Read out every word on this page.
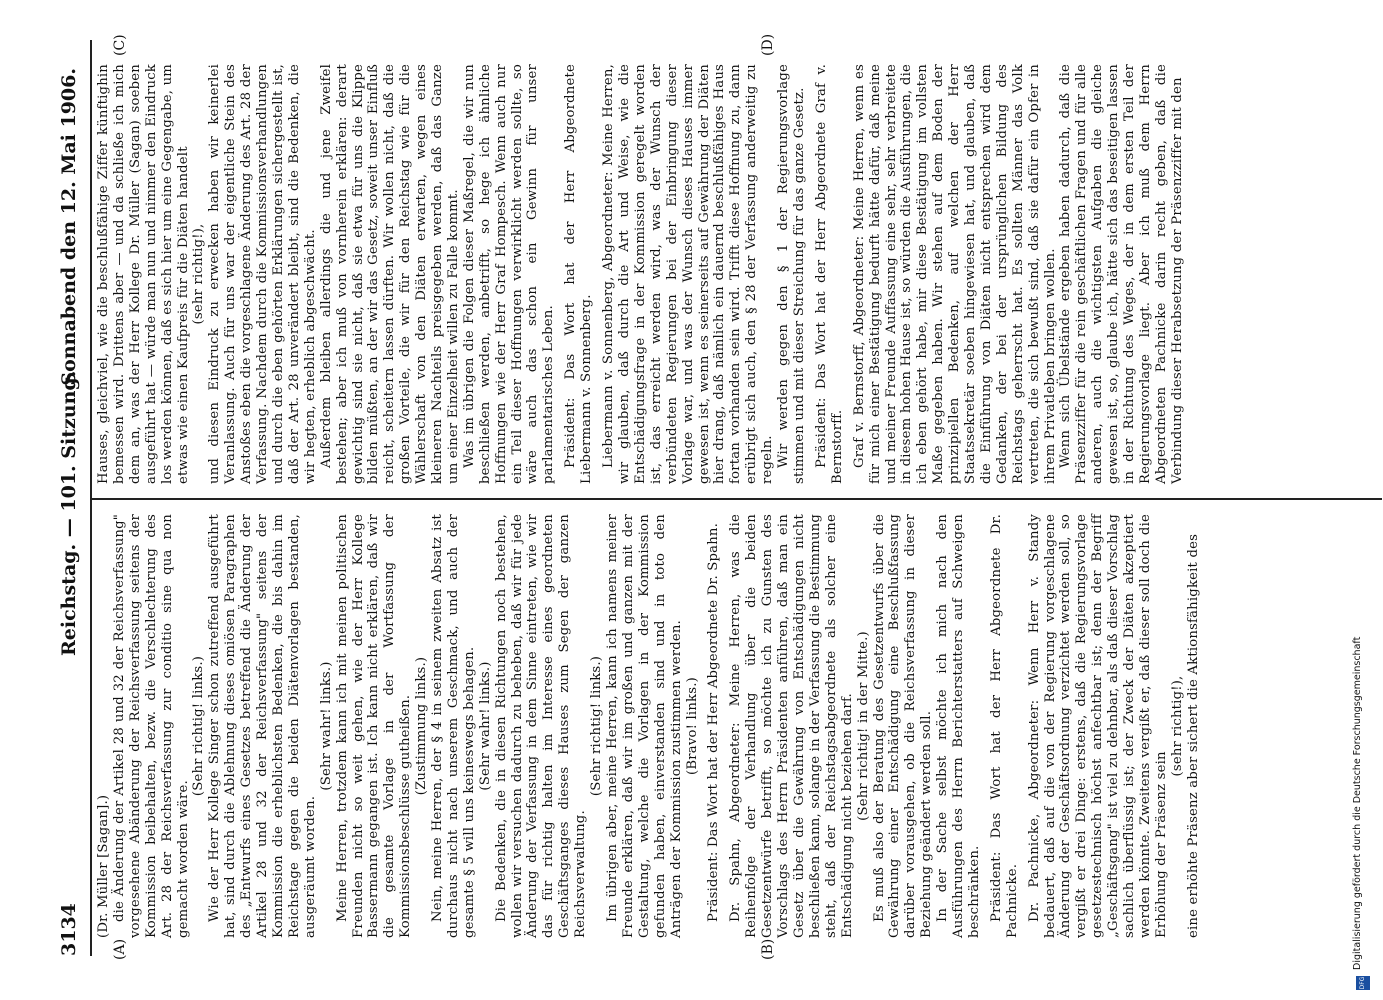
3134
Reichstag. — 101. Sitzung.
Sonnabend den 12. Mai 1906.
(A)	(B)
(C)	(D)

(Dr. Müller [Sagan].) die Änderung der Artikel 28 und 32 der Reichsverfassung" vorgesehene Abänderung der Reichsverfassung seitens der Kommission beibehalten, bezw. die Verschlechterung des Art. 28 der Reichsverfassung zur conditio sine qua non gemacht worden wäre.

(Sehr richtig! links.) Wie der Herr Kollege Singer schon zutreffend ausgeführt hat, sind durch die Ablehnung dieses omiösen Paragraphen des „Entwurfs eines Gesetzes betreffend die Änderung der Artikel 28 und 32 der Reichsverfassung" seitens der Kommission die erheblichsten Bedenken, die bis dahin im Reichstage gegen die beiden Diätenvorlagen bestanden, ausgeräumt worden.

(Sehr wahr! links.) Meine Herren, trotzdem kann ich mit meinen politischen Freunden nicht so weit gehen, wie der Herr Kollege Bassermann gegangen ist. Ich kann nicht erklären, daß wir die gesamte Vorlage in der Wortfassung der Kommissionsbeschlüsse gutheißen. (Zustimmung links.) Nein, meine Herren, der § 4 in seinem zweiten Absatz ist durchaus nicht nach unserem Geschmack, und auch der gesamte § 5 will uns keineswegs behagen. (Sehr wahr! links.) Die Bedenken, die in diesen Richtungen noch bestehen, wollen wir versuchen dadurch zu beheben, daß wir für jede Änderung der Verfassung in dem Sinne eintreten, wie wir das für richtig halten im Interesse eines geordneten Geschäftsganges dieses Hauses zum Segen der ganzen Reichsverwaltung.

(Sehr richtig! links.) Im übrigen aber, meine Herren, kann ich namens meiner Freunde erklären, daß wir im großen und ganzen mit der Gestaltung, welche die Vorlagen in der Kommission gefunden haben, einverstanden sind und in toto den Anträgen der Kommission zustimmen werden. (Bravo! links.) Präsident: Das Wort hat der Herr Abgeordnete Dr. Spahn. Dr. Spahn, Abgeordneter: Meine Herren, was die Reihenfolge der Verhandlung über die beiden Gesetzentwürfe betrifft, so möchte ich zu Gunsten des Vorschlags des Herrn Präsidenten anführen, daß man ein Gesetz über die Gewährung von Entschädigungen nicht beschließen kann, solange in der Verfassung die Bestimmung steht, daß der Reichstagsabgeordnete als solcher eine Entschädigung nicht beziehen darf. (Sehr richtig! in der Mitte.) Es muß also der Beratung des Gesetzentwurfs über die Gewährung einer Entschädigung eine Beschlußfassung darüber vorausgehen, ob die Reichsverfassung in dieser Beziehung geändert werden soll. In der Sache selbst möchte ich mich nach den Ausführungen des Herrn Berichterstatters auf Schweigen beschränken. Präsident: Das Wort hat der Herr Abgeordnete Dr. Pachnicke. Dr. Pachnicke, Abgeordneter: Wenn Herr v. Standy bedauert, daß auf die von der Regierung vorgeschlagene Änderung der Geschäftsordnung verzichtet werden soll, so vergißt er drei Dinge: erstens, daß die Regierungsvorlage gesetzestechnisch höchst anfechtbar ist; denn der Begriff „Geschäftsgang" ist viel zu dehnbar, als daß dieser Vorschlag sachlich überflüssig ist; der Zweck der Diäten akzeptiert werden könnte. Zweitens vergißt er, daß dieser soll doch die Erhöhung der Präsenz sein

(sehr richtig!), eine erhöhte Präsenz aber sichert die Aktionsfähigkeit des

Hauses, gleichviel, wie die beschlußfähige Ziffer künftighin bemessen wird. Drittens aber — und da schließe ich mich dem an, was der Herr Kollege Dr. Müller (Sagan) soeben ausgeführt hat — würde man nun und nimmer den Eindruck los werden können, daß es sich hier um eine Gegengabe, um etwas wie einen Kaufpreis für die Diäten handelt (sehr richtig!), und diesen Eindruck zu erwecken haben wir keinerlei Veranlassung. Auch für uns war der eigentliche Stein des Anstoßes eben die vorgeschlagene Änderung des Art. 28 der Verfassung. Nachdem durch die Kommissionsverhandlungen und durch die eben gehörten Erklärungen sichergestellt ist, daß der Art. 28 unverändert bleibt, sind die Bedenken, die wir hegten, erheblich abgeschwächt. Außerdem bleiben allerdings die und jene Zweifel bestehen; aber ich muß von vornherein erklären: derart gewichtig sind sie nicht, daß sie etwa für uns die Klippe bilden müßten, an der wir das Gesetz, soweit unser Einfluß reicht, scheitern lassen dürften. Wir wollen nicht, daß die großen Vorteile, die wir für den Reichstag wie für die Wählerschaft von den Diäten erwarten, wegen eines kleineren Nachteils preisgegeben werden, daß das Ganze um einer Einzelheit willen zu Falle kommt. Was im übrigen die Folgen dieser Maßregel, die wir nun beschließen werden, anbetrifft, so hege ich ähnliche Hoffnungen wie der Herr Graf Hompesch. Wenn auch nur ein Teil dieser Hoffnungen verwirklicht werden sollte, so wäre auch das schon ein Gewinn für unser parlamentarisches Leben. Präsident: Das Wort hat der Herr Abgeordnete Liebermann v. Sonnenberg. Liebermann v. Sonnenberg, Abgeordneter: Meine Herren, wir glauben, daß durch die Art und Weise, wie die Entschädigungsfrage in der Kommission geregelt worden ist, das erreicht werden wird, was der Wunsch der verbündeten Regierungen bei der Einbringung dieser Vorlage war, und was der Wunsch dieses Hauses immer gewesen ist, wenn es seinerseits auf Gewährung der Diäten hier drang, daß nämlich ein dauernd beschlußfähiges Haus fortan vorhanden sein wird. Trifft diese Hoffnung zu, dann erübrigt sich auch, den § 28 der Verfassung anderweitig zu regeln. Wir werden gegen den § 1 der Regierungsvorlage stimmen und mit dieser Streichung für das ganze Gesetz. Präsident: Das Wort hat der Herr Abgeordnete Graf v. Bernstorff. Graf v. Bernstorff, Abgeordneter: Meine Herren, wenn es für mich einer Bestätigung bedurft hätte dafür, daß meine und meiner Freunde Auffassung eine sehr, sehr verbreitete in diesem hohen Hause ist, so würden die Ausführungen, die ich eben gehört habe, mir diese Bestätigung im vollsten Maße gegeben haben. Wir stehen auf dem Boden der prinzipiellen Bedenken, auf welchen der Herr Staatssekretär soeben hingewiesen hat, und glauben, daß die Einführung von Diäten nicht entsprechen wird dem Gedanken, der bei der ursprünglichen Bildung des Reichstags geherrscht hat. Es sollten Männer das Volk vertreten, die sich bewußt sind, daß sie dafür ein Opfer in ihrem Privatleben bringen wollen. Wenn sich Übelstände ergeben haben dadurch, daß die Präsenzziffer für die rein geschäftlichen Fragen und für alle anderen, auch die wichtigsten Aufgaben die gleiche gewesen ist, so, glaube ich, hätte sich das beseitigen lassen in der Richtung des Weges, der in dem ersten Teil der Regierungsvorlage liegt. Aber ich muß dem Herrn Abgeordneten Pachnicke darin recht geben, daß die Verbindung dieser Herabsetzung der Präsenzziffer mit den

DFG
Digitalisierung gefördert durch die Deutsche Forschungsgemeinschaft
